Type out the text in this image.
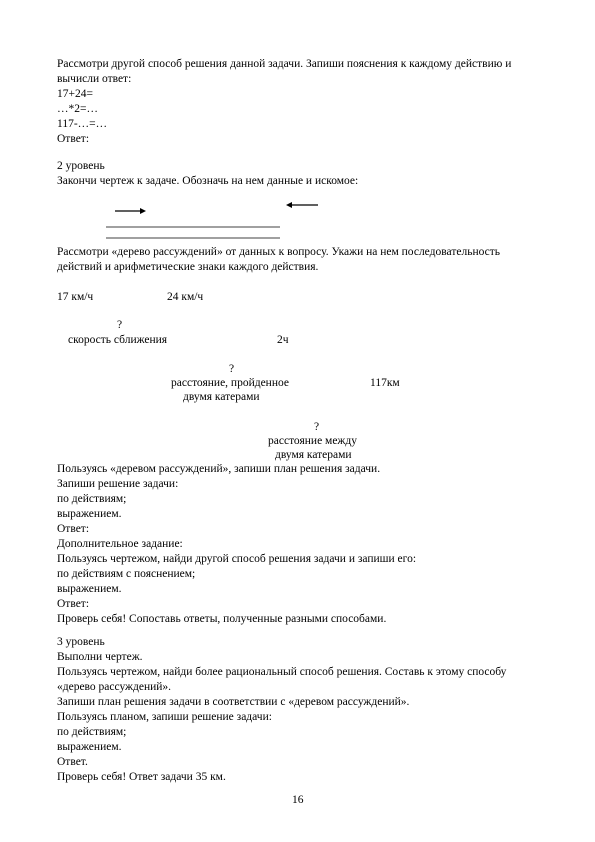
Рассмотри другой способ решения данной задачи. Запиши пояснения к каждому действию и
вычисли ответ:
17+24=
…*2=…
117-…=…
Ответ:
2 уровень
Закончи чертеж к задаче. Обозначь на нем данные и искомое:
Рассмотри «дерево рассуждений» от данных к вопросу. Укажи на нем последовательность
действий и арифметические знаки каждого действия.
17 км/ч	24 км/ч
?
скорость сближения	2ч
?
расстояние, пройденное
двумя катерами
117км
?
расстояние между
двумя катерами
Пользуясь «деревом рассуждений», запиши план решения задачи.
Запиши решение задачи:
по действиям;
выражением.
Ответ:
Дополнительное задание:
Пользуясь чертежом, найди другой способ решения задачи и запиши его:
по действиям с пояснением;
выражением.
Ответ:
Проверь себя! Сопоставь ответы, полученные разными способами.
3 уровень
Выполни чертеж.
Пользуясь чертежом, найди более рациональный способ решения. Составь к этому способу
«дерево рассуждений».
Запиши план решения задачи в соответствии с «деревом рассуждений».
Пользуясь планом, запиши решение задачи:
по действиям;
выражением.
Ответ.
Проверь себя! Ответ задачи 35 км.
16
